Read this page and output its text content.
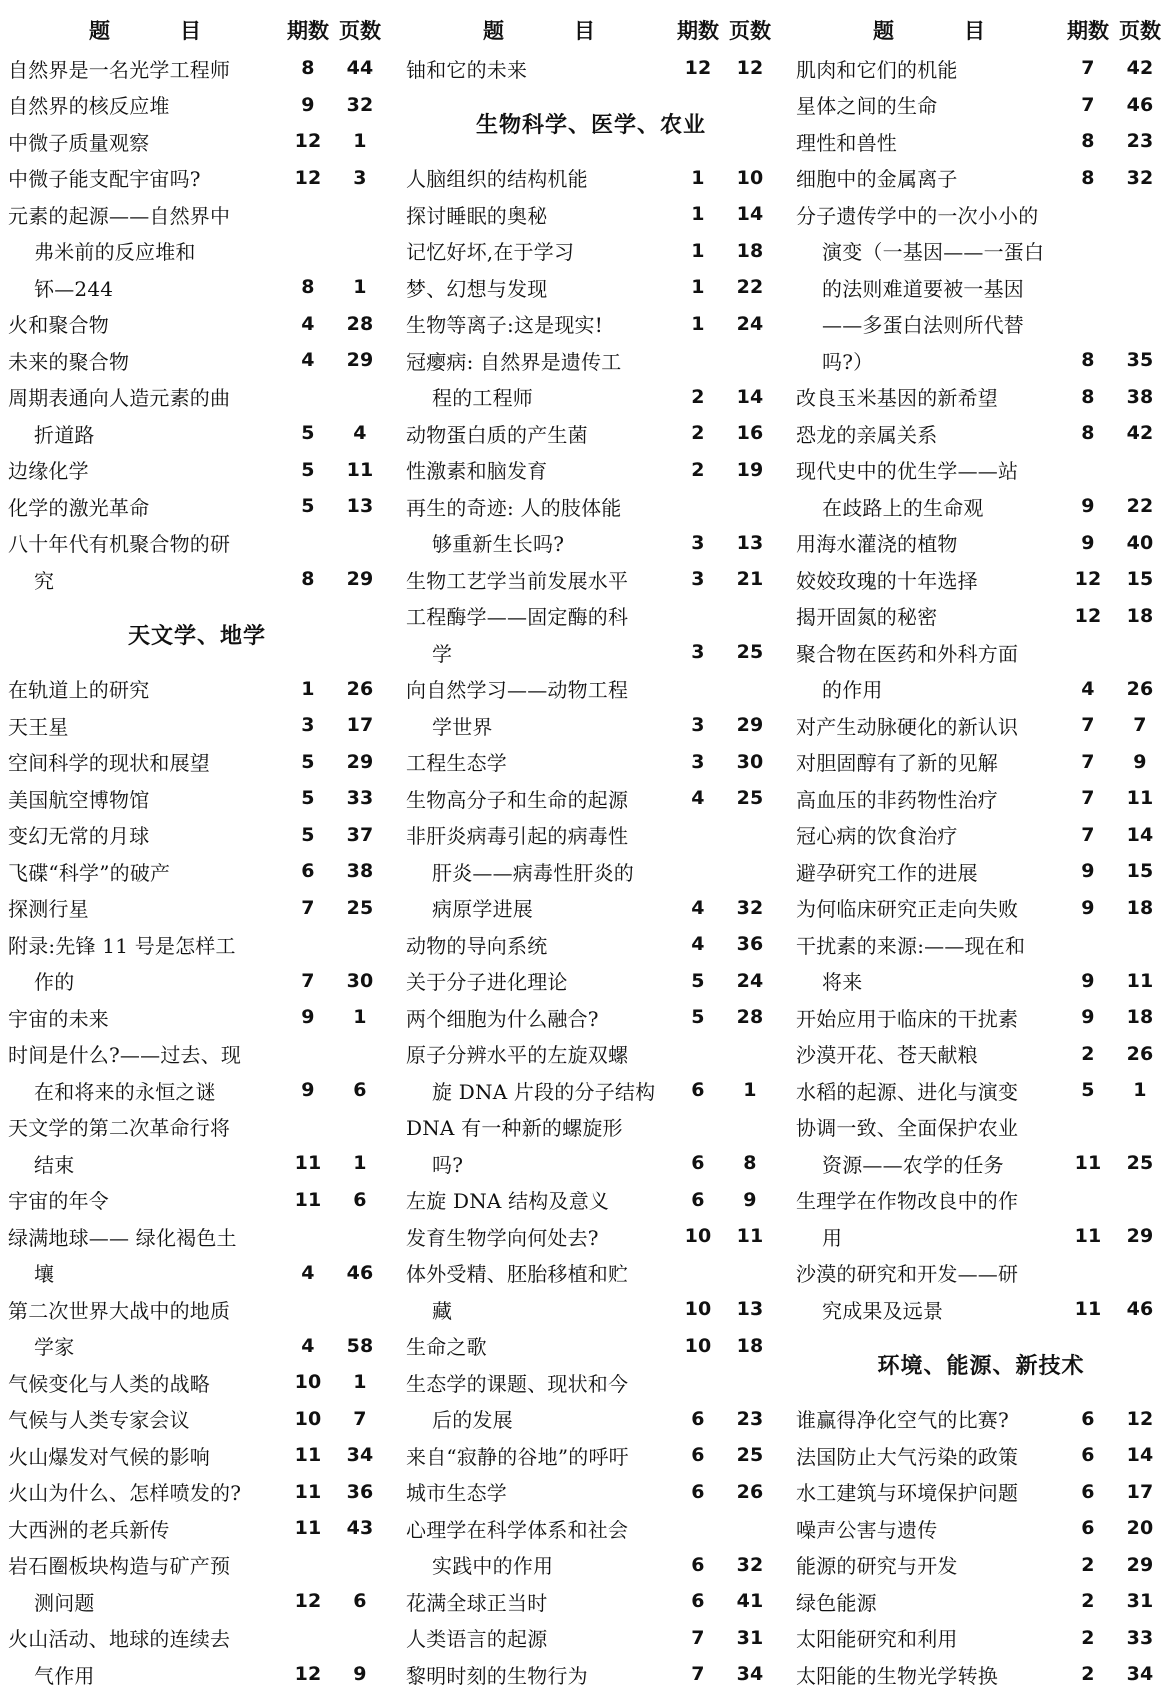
题	目	期数 页数
自然界是一名光学工程师	8	44
自然界的核反应堆	9	32
中微子质量观察	12	1
中微子能支配宇宙吗?	12	3
元素的起源——自然界中
弗米前的反应堆和
钚—244	8	1
火和聚合物	4	28
未来的聚合物	4	29
周期表通向人造元素的曲
折道路	5	4
边缘化学	5	11
化学的激光革命	5	13
八十年代有机聚合物的研
究	8	29
天文学、地学
在轨道上的研究	1	26
天王星	3	17
空间科学的现状和展望	5	29
美国航空博物馆	5	33
变幻无常的月球	5	37
飞碟“科学”的破产	6	38
探测行星	7	25
附录:先锋 11 号是怎样工
作的	7	30
宇宙的未来	9	1
时间是什么?——过去、现
在和将来的永恒之谜	9	6
天文学的第二次革命行将
结束	11	1
宇宙的年令	11	6
绿满地球—— 绿化褐色土
壤	4	46
第二次世界大战中的地质
学家	4	58
气候变化与人类的战略	10	1
气候与人类专家会议	10	7
火山爆发对气候的影响	11	34
火山为什么、怎样喷发的?	11	36
大西洲的老兵新传	11	43
岩石圈板块构造与矿产预
测问题	12	6
火山活动、地球的连续去
气作用	12	9
题	目	期数 页数
铀和它的未来	12	12
生物科学、医学、农业
人脑组织的结构机能	1	10
探讨睡眠的奥秘	1	14
记忆好坏,在于学习	1	18
梦、幻想与发现	1	22
生物等离子:这是现实!	1	24
冠瘿病: 自然界是遗传工
程的工程师	2	14
动物蛋白质的产生菌	2	16
性激素和脑发育	2	19
再生的奇迹: 人的肢体能
够重新生长吗?	3	13
生物工艺学当前发展水平	3	21
工程酶学——固定酶的科
学	3	25
向自然学习——动物工程
学世界	3	29
工程生态学	3	30
生物高分子和生命的起源	4	25
非肝炎病毒引起的病毒性
肝炎——病毒性肝炎的
病原学进展	4	32
动物的导向系统	4	36
关于分子进化理论	5	24
两个细胞为什么融合?	5	28
原子分辨水平的左旋双螺
旋 DNA 片段的分子结构	6	1
DNA 有一种新的螺旋形
吗?	6	8
左旋 DNA 结构及意义	6	9
发育生物学向何处去?	10	11
体外受精、胚胎移植和贮
藏	10	13
生命之歌	10	18
生态学的课题、现状和今
后的发展	6	23
来自“寂静的谷地”的呼吁	6	25
城市生态学	6	26
心理学在科学体系和社会
实践中的作用	6	32
花满全球正当时	6	41
人类语言的起源	7	31
黎明时刻的生物行为	7	34
题	目	期数 页数
肌肉和它们的机能	7	42
星体之间的生命	7	46
理性和兽性	8	23
细胞中的金属离子	8	32
分子遗传学中的一次小小的
演变（一基因——一蛋白
的法则难道要被一基因
——多蛋白法则所代替
吗?）	8	35
改良玉米基因的新希望	8	38
恐龙的亲属关系	8	42
现代史中的优生学——站
在歧路上的生命观	9	22
用海水灌浇的植物	9	40
姣姣玫瑰的十年选择	12	15
揭开固氮的秘密	12	18
聚合物在医药和外科方面
的作用	4	26
对产生动脉硬化的新认识	7	7
对胆固醇有了新的见解	7	9
高血压的非药物性治疗	7	11
冠心病的饮食治疗	7	14
避孕研究工作的进展	9	15
为何临床研究正走向失败	9	18
干扰素的来源:——现在和
将来	9	11
开始应用于临床的干扰素	9	18
沙漠开花、苍天献粮	2	26
水稻的起源、进化与演变	5	1
协调一致、全面保护农业
资源——农学的任务	11	25
生理学在作物改良中的作
用	11	29
沙漠的研究和开发——研
究成果及远景	11	46
环境、能源、新技术
谁赢得净化空气的比赛?	6	12
法国防止大气污染的政策	6	14
水工建筑与环境保护问题	6	17
噪声公害与遗传	6	20
能源的研究与开发	2	29
绿色能源	2	31
太阳能研究和利用	2	33
太阳能的生物光学转换	2	34
